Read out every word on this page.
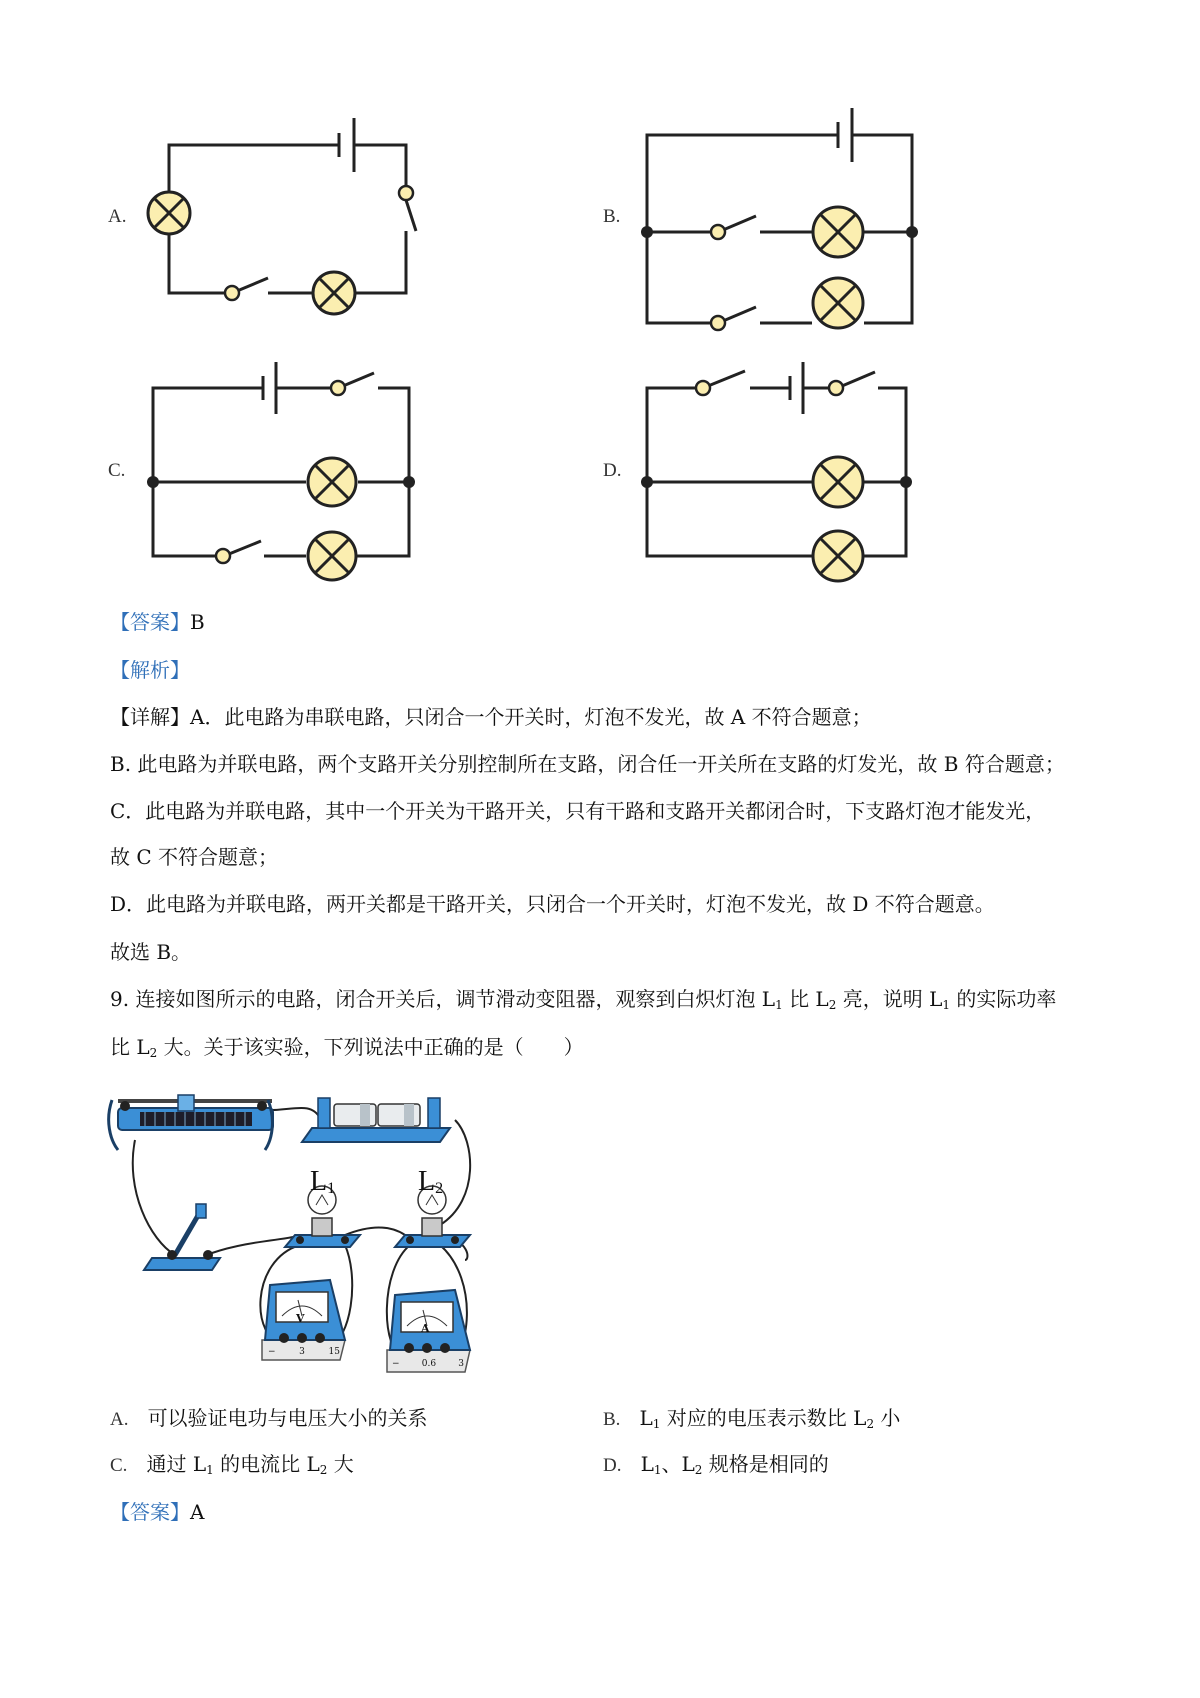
A.	B.
C.	D.
【答案】B
【解析】
【详解】A．此电路为串联电路，只闭合一个开关时，灯泡不发光，故 A 不符合题意；
B. 此电路为并联电路，两个支路开关分别控制所在支路，闭合任一开关所在支路的灯发光，故 B 符合题意；
C．此电路为并联电路，其中一个开关为干路开关，只有干路和支路开关都闭合时，下支路灯泡才能发光，
故 C 不符合题意；
D．此电路为并联电路，两开关都是干路开关，只闭合一个开关时，灯泡不发光，故 D 不符合题意。
故选 B。
9. 连接如图所示的电路，闭合开关后，调节滑动变阻器，观察到白炽灯泡 $L_1$ 比 $L_2$ 亮，说明 $L_1$ 的实际功率
比 $L_2$ 大。关于该实验，下列说法中正确的是（　　）
$L_1$	$L_2$
V
A
−	3	15
− 0.6 3
A. 可以验证电功与电压大小的关系	B. $L_1$ 对应的电压表示数比 $L_2$ 小
C. 通过 $L_1$ 的电流比 $L_2$ 大	D. $L_1$、$L_2$ 规格是相同的
【答案】A
